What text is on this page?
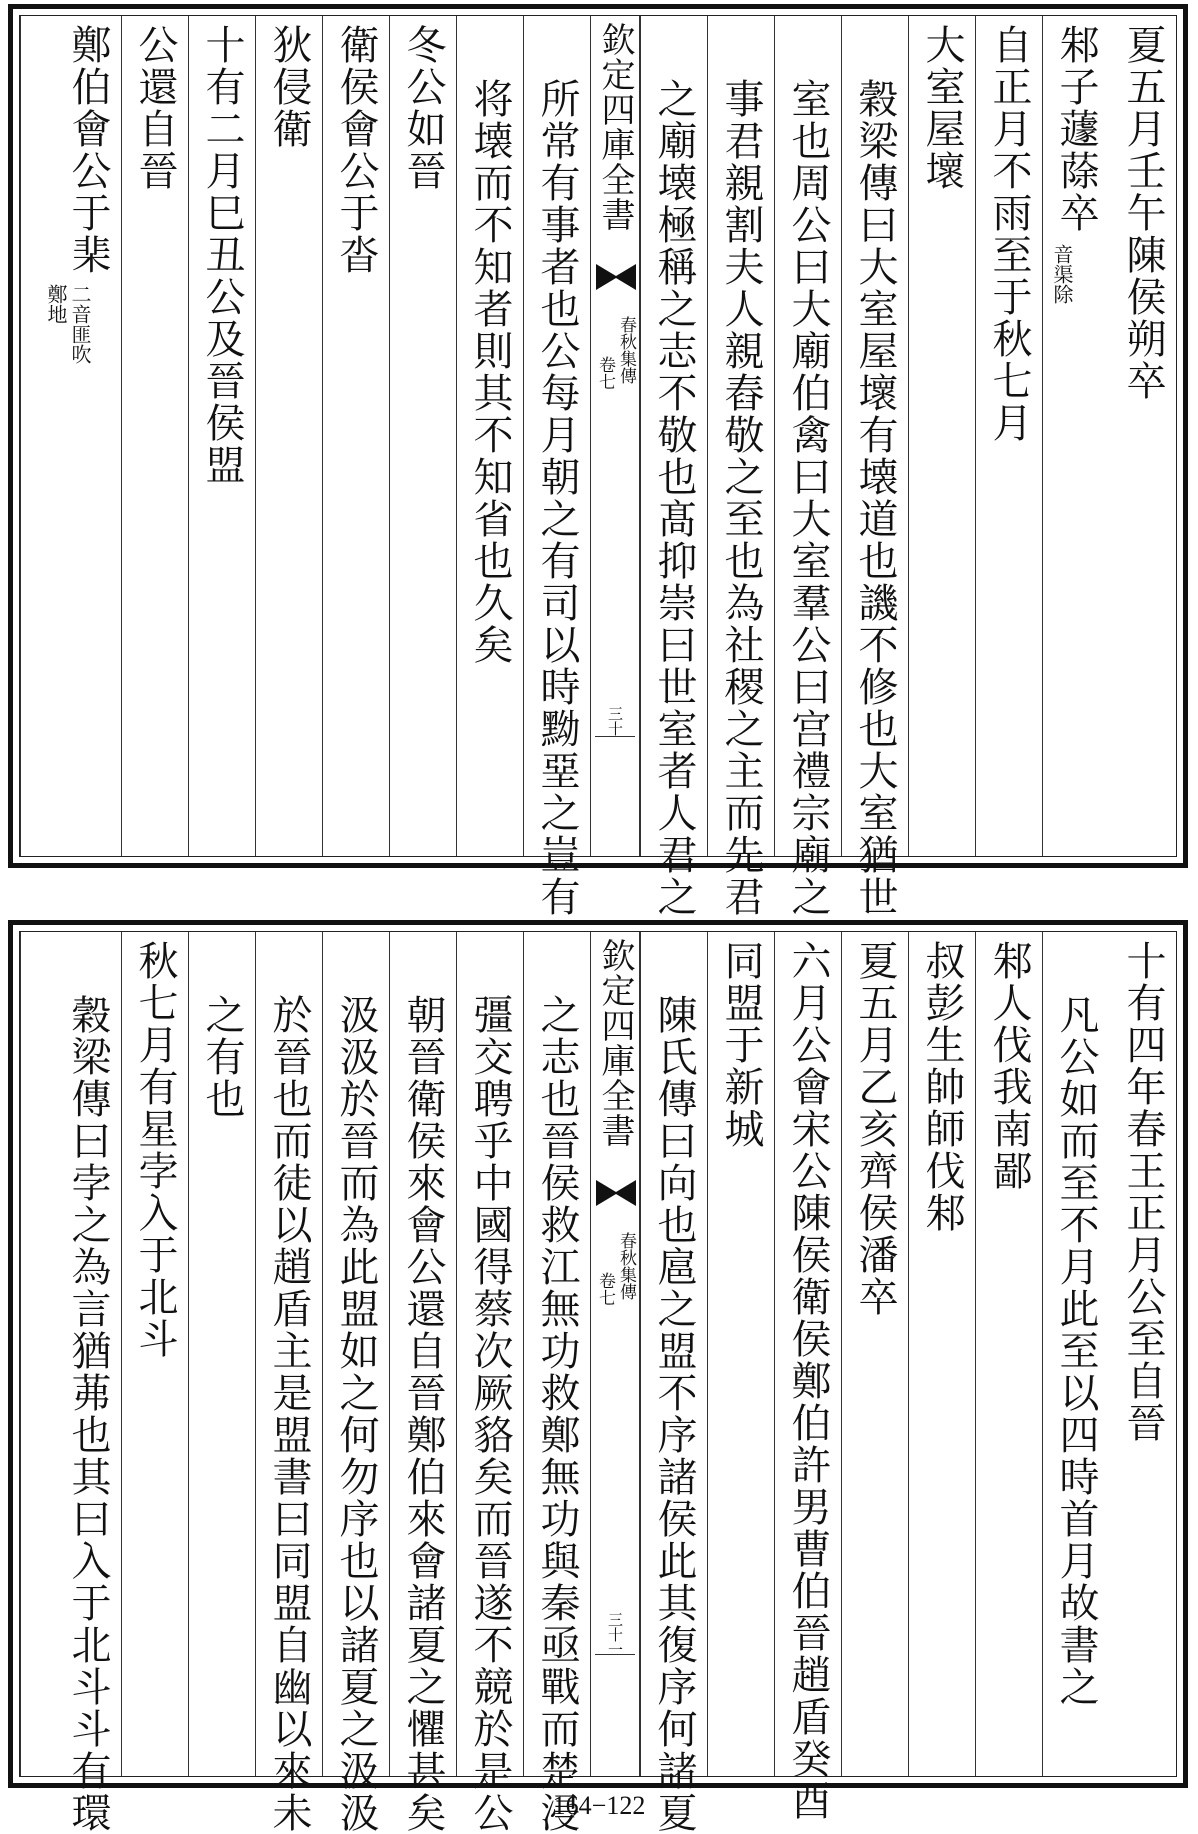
夏五月壬午陳侯朔卒
邾子蘧蒢卒
音渠除
自正月不雨至于秋七月
大室屋壞
穀梁傳曰大室屋壞有壊道也譏不修也大室猶世
室也周公曰大廟伯禽曰大室羣公曰宫禮宗廟之
事君親割夫人親舂敬之至也為社稷之主而先君
之廟壊極稱之志不敬也髙抑崇曰世室者人君之
欽定四庫全書
春秋集傳
卷七
三十
所常有事者也公每月朝之有司以時黝堊之豈有
将壊而不知者則其不知省也久矣
冬公如晉
衛侯會公于沓
狄侵衛
十有二月巳丑公及晉侯盟
公還自晉
鄭伯會公于棐
二音匪吹
鄭地
十有四年春王正月公至自晉
凡公如而至不月此至以四時首月故書之
邾人伐我南鄙
叔彭生帥師伐邾
夏五月乙亥齊侯潘卒
六月公會宋公陳侯衛侯鄭伯許男曹伯晉趙盾癸酉
同盟于新城
陳氏傳曰向也扈之盟不序諸侯此其復序何諸夏
欽定四庫全書
春秋集傳
卷七
三十一
之志也晉侯救江無功救鄭無功與秦亟戰而楚浸
彊交聘乎中國得蔡次厥貉矣而晉遂不競於是公
朝晉衛侯來會公還自晉鄭伯來會諸夏之懼甚矣
汲汲於晉而為此盟如之何勿序也以諸夏之汲汲
於晉也而徒以趙盾主是盟書曰同盟自幽以來未
之有也
秋七月有星孛入于北斗
穀梁傳曰孛之為言猶茀也其曰入于北斗斗有環	164−122
